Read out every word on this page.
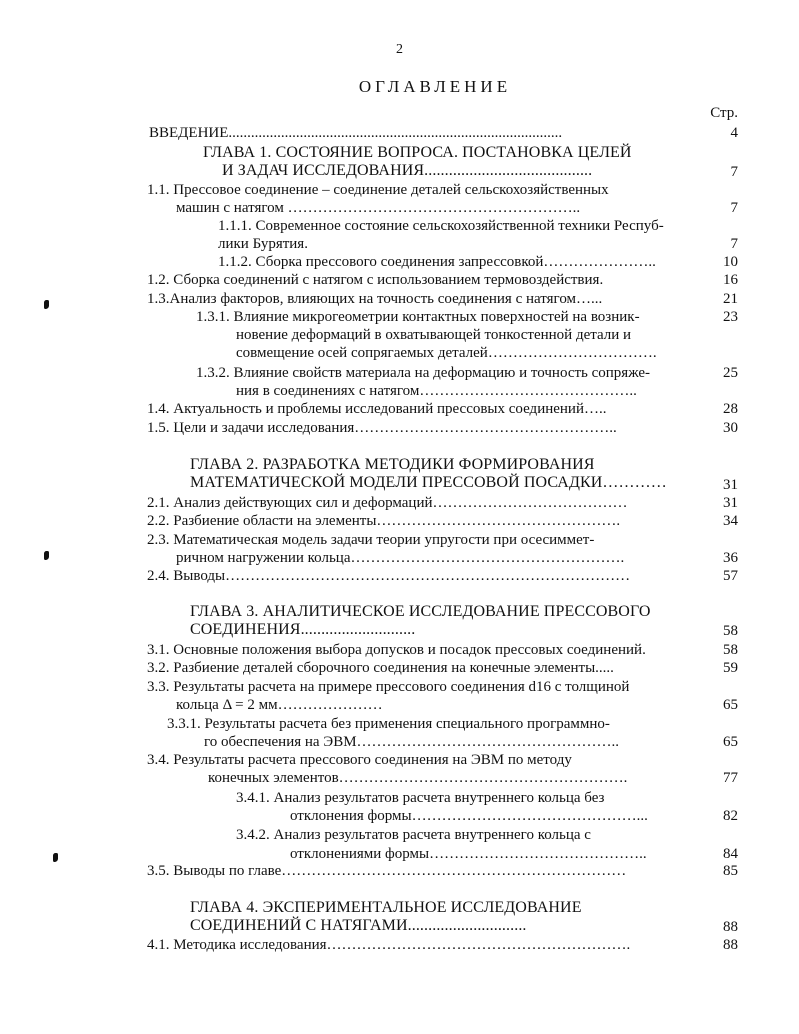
2
ОГЛАВЛЕНИЕ
Стр.
ВВЕДЕНИЕ.........................................................................................	4
ГЛАВА 1. СОСТОЯНИЕ ВОПРОСА. ПОСТАНОВКА ЦЕЛЕЙ
И ЗАДАЧ ИССЛЕДОВАНИЯ.........................................	7
1.1. Прессовое соединение – соединение деталей сельскохозяйственных
машин с натягом …………………………………………………..	7
1.1.1. Современное состояние сельскохозяйственной техники Респуб-
лики Бурятия.	7
1.1.2. Сборка прессового соединения запрессовкой…………………..	10
1.2. Сборка соединений с натягом с использованием термовоздействия.	16
1.3.Анализ факторов, влияющих на точность соединения с натягом…...	21
1.3.1. Влияние микрогеометрии контактных поверхностей на возник-	23
новение деформаций в охватывающей тонкостенной детали и
совмещение осей сопрягаемых деталей…………………………….
1.3.2. Влияние свойств материала на деформацию и точность сопряже-	25
ния в соединениях с натягом……………………………………..
1.4. Актуальность и проблемы исследований прессовых соединений…..	28
1.5. Цели и задачи исследования……………………………………………..	30
ГЛАВА 2. РАЗРАБОТКА МЕТОДИКИ ФОРМИРОВАНИЯ
МАТЕМАТИЧЕСКОЙ МОДЕЛИ ПРЕССОВОЙ ПОСАДКИ…………	31
2.1. Анализ действующих сил и деформаций…………………………………	31
2.2. Разбиение области на элементы………………………………………….	34
2.3. Математическая модель задачи теории упругости при осесиммет-
ричном нагружении кольца……………………………………………….	36
2.4. Выводы………………………………………………………………………	57
ГЛАВА 3. АНАЛИТИЧЕСКОЕ ИССЛЕДОВАНИЕ ПРЕССОВОГО
СОЕДИНЕНИЯ............................	58
3.1. Основные положения выбора допусков и посадок прессовых соединений.	58
3.2. Разбиение деталей сборочного соединения на конечные элементы.....	59
3.3. Результаты расчета на примере прессового соединения d16 с толщиной
кольца Δ = 2 мм…………………	65
3.3.1. Результаты расчета без применения специального программно-
го обеспечения на ЭВМ……………………………………………..	65
3.4. Результаты расчета прессового соединения на ЭВМ по методу
конечных элементов………………………………………………….	77
3.4.1. Анализ результатов расчета внутреннего кольца без
отклонения формы………………………………………...	82
3.4.2. Анализ результатов расчета внутреннего кольца с
отклонениями формы……………………………………..	84
3.5. Выводы по главе……………………………………………………………	85
ГЛАВА 4. ЭКСПЕРИМЕНТАЛЬНОЕ ИССЛЕДОВАНИЕ
СОЕДИНЕНИЙ С НАТЯГАМИ.............................	88
4.1. Методика исследования…………………………………………………….	88
